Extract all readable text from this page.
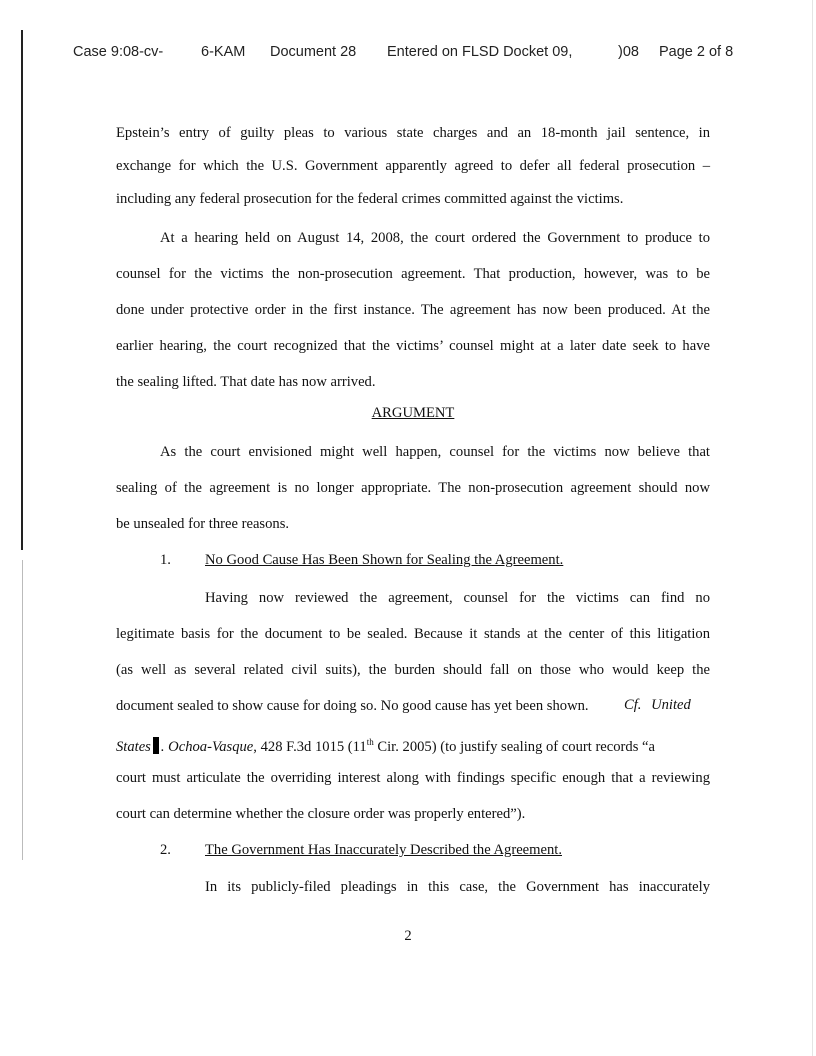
Case 9:08-cv-	6-KAM Document 28 Entered on FLSD Docket 09,	)08 Page 2 of 8
Epstein’s entry of guilty pleas to various state charges and an 18-month jail sentence, in
exchange for which the U.S. Government apparently agreed to defer all federal prosecution –
including any federal prosecution for the federal crimes committed against the victims.
At a hearing held on August 14, 2008, the court ordered the Government to produce to
counsel for the victims the non-prosecution agreement. That production, however, was to be
done under protective order in the first instance. The agreement has now been produced. At the
earlier hearing, the court recognized that the victims’ counsel might at a later date seek to have
the sealing lifted. That date has now arrived.
ARGUMENT
As the court envisioned might well happen, counsel for the victims now believe that
sealing of the agreement is no longer appropriate. The non-prosecution agreement should now
be unsealed for three reasons.
1. No Good Cause Has Been Shown for Sealing the Agreement.
Having now reviewed the agreement, counsel for the victims can find no
legitimate basis for the document to be sealed. Because it stands at the center of this litigation
(as well as several related civil suits), the burden should fall on those who would keep the
document sealed to show cause for doing so. No good cause has yet been shown. Cf. United
States . Ochoa-Vasque, 428 F.3d 1015 (11th Cir. 2005) (to justify sealing of court records “a
court must articulate the overriding interest along with findings specific enough that a reviewing
court can determine whether the closure order was properly entered”).
2. The Government Has Inaccurately Described the Agreement.
In its publicly-filed pleadings in this case, the Government has inaccurately
2
